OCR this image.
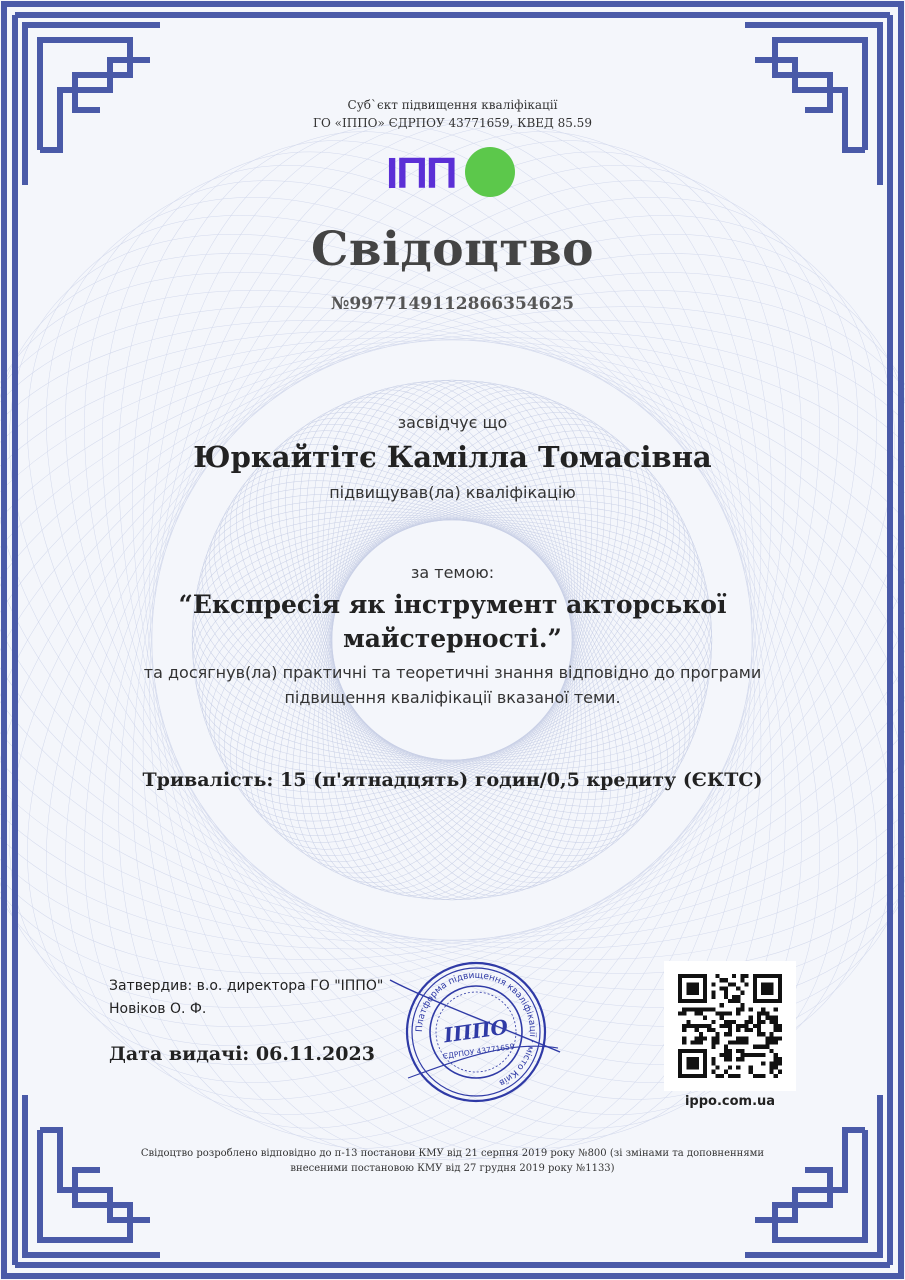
Суб`єкт підвищення кваліфікації
ГО «ІППО» ЄДРПОУ 43771659, КВЕД 85.59
ІПП
Свідоцтво
№9977149112866354625
засвідчує що
Юркайтітє Камілла Томасівна
підвищував(ла) кваліфікацію
за темою:
“Експресія як інструмент акторської майстерності.”
та досягнув(ла) практичні та теоретичні знання відповідно до програми підвищення кваліфікації вказаної теми.
Тривалість: 15 (п'ятнадцять) годин/0,5 кредиту (ЄКТС)
Затвердив: в.о. директора ГО "ІППО"
Новіков О. Ф.
Дата видачі: 06.11.2023
Платформа підвищення кваліфікації · місто Київ
ІППО
ЄДРПОУ 43771659
ippo.com.ua
Свідоцтво розроблено відповідно до п-13 постанови КМУ від 21 серпня 2019 року №800 (зі змінами та доповненнями внесеними постановою КМУ від 27 грудня 2019 року №1133)
